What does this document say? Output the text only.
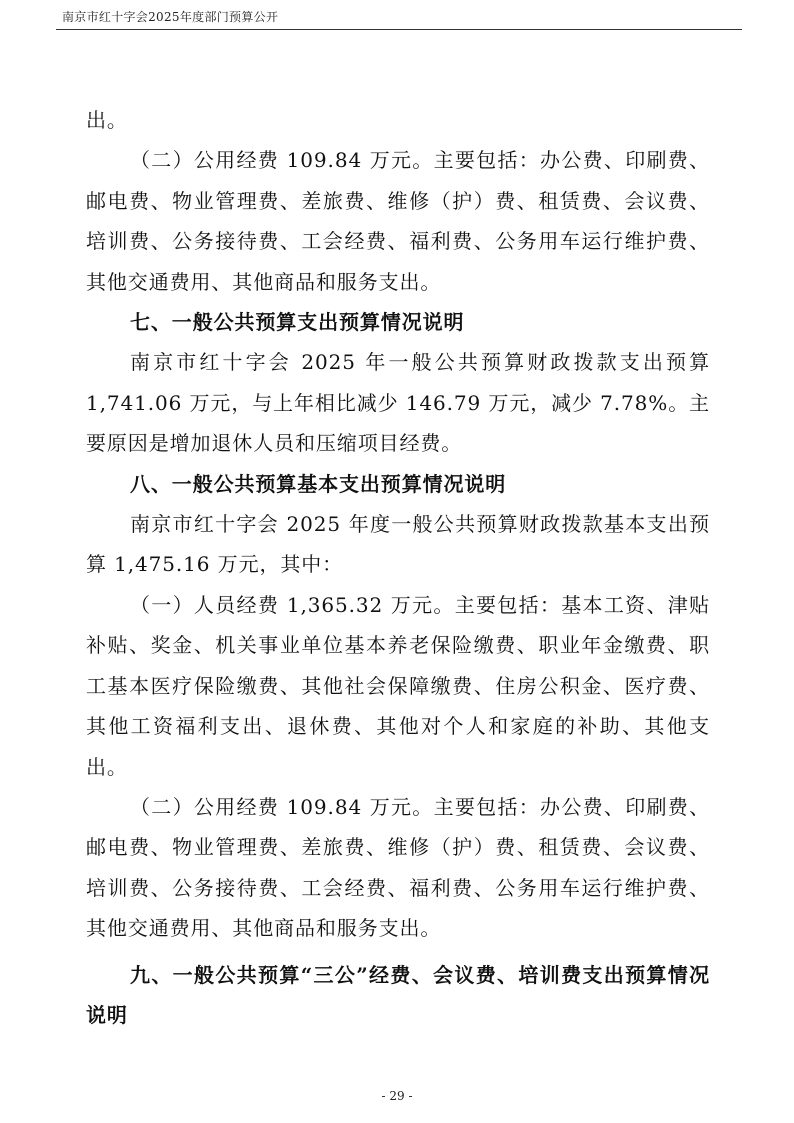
南京市红十字会2025年度部门预算公开

出。

（二）公用经费 109.84 万元。主要包括：办公费、印刷费、邮电费、物业管理费、差旅费、维修（护）费、租赁费、会议费、培训费、公务接待费、工会经费、福利费、公务用车运行维护费、其他交通费用、其他商品和服务支出。

七、一般公共预算支出预算情况说明

南京市红十字会 2025 年一般公共预算财政拨款支出预算1,741.06 万元，与上年相比减少 146.79 万元，减少 7.78%。主要原因是增加退休人员和压缩项目经费。

八、一般公共预算基本支出预算情况说明

南京市红十字会 2025 年度一般公共预算财政拨款基本支出预算 1,475.16 万元，其中：

（一）人员经费 1,365.32 万元。主要包括：基本工资、津贴补贴、奖金、机关事业单位基本养老保险缴费、职业年金缴费、职工基本医疗保险缴费、其他社会保障缴费、住房公积金、医疗费、其他工资福利支出、退休费、其他对个人和家庭的补助、其他支出。

（二）公用经费 109.84 万元。主要包括：办公费、印刷费、邮电费、物业管理费、差旅费、维修（护）费、租赁费、会议费、培训费、公务接待费、工会经费、福利费、公务用车运行维护费、其他交通费用、其他商品和服务支出。

九、一般公共预算“三公”经费、会议费、培训费支出预算情况说明

- 29 -
